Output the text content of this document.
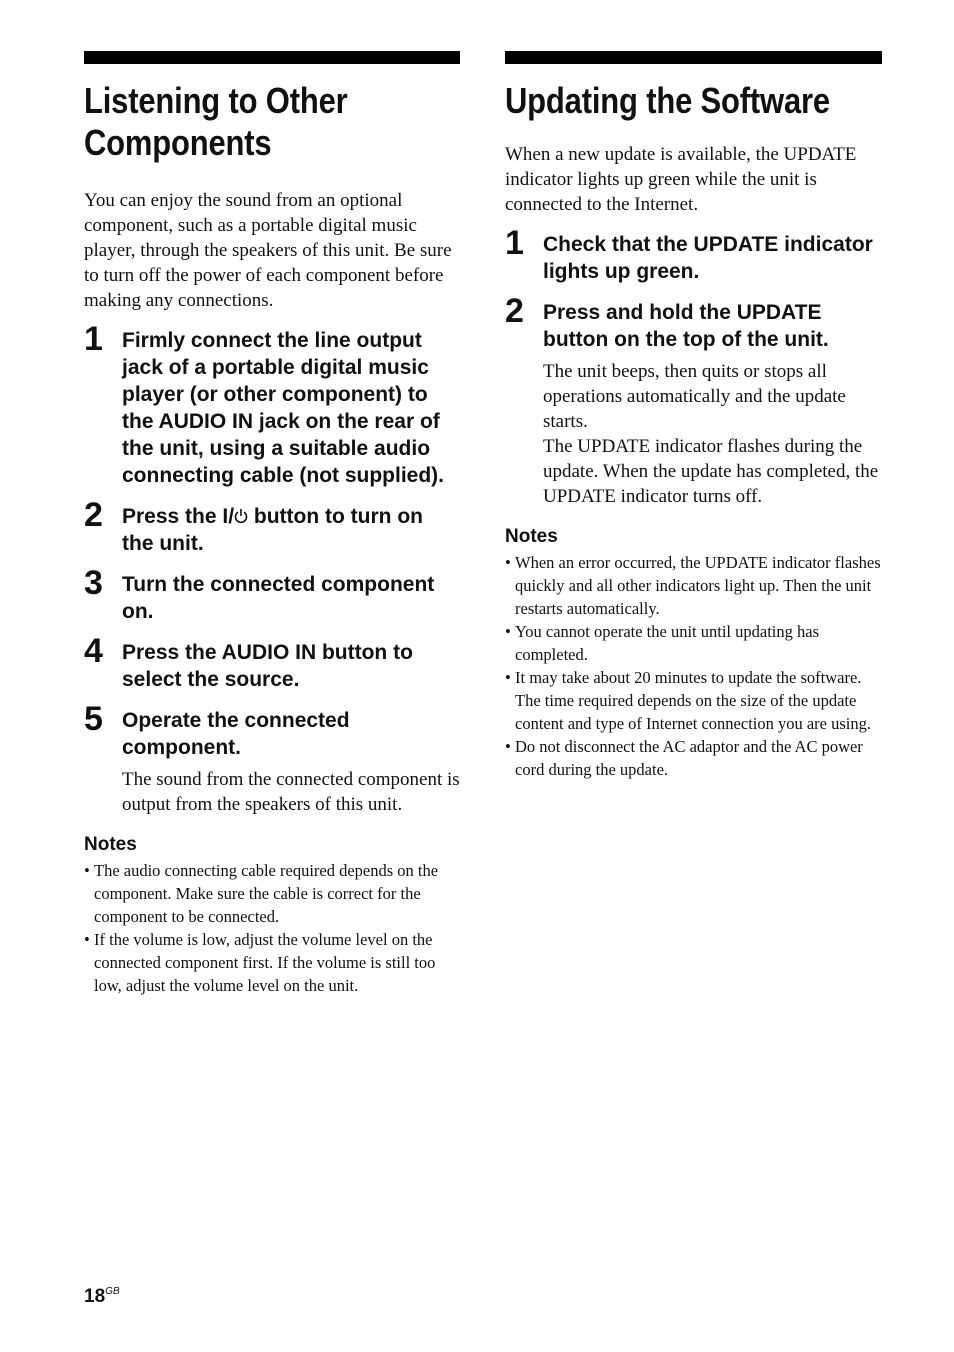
Listening to Other
Components

You can enjoy the sound from an optional component, such as a portable digital music player, through the speakers of this unit. Be sure to turn off the power of each component before making any connections.

1 Firmly connect the line output jack of a portable digital music player (or other component) to the AUDIO IN jack on the rear of the unit, using a suitable audio connecting cable (not supplied).

2 Press the I/ button to turn on the unit.

3 Turn the connected component on.

4 Press the AUDIO IN button to select the source.

5 Operate the connected component.

The sound from the connected component is output from the speakers of this unit.

Notes
• The audio connecting cable required depends on the component. Make sure the cable is correct for the component to be connected.
• If the volume is low, adjust the volume level on the connected component first. If the volume is still too low, adjust the volume level on the unit.
Updating the Software

When a new update is available, the UPDATE indicator lights up green while the unit is connected to the Internet.

1 Check that the UPDATE indicator lights up green.

2 Press and hold the UPDATE button on the top of the unit.

The unit beeps, then quits or stops all operations automatically and the update starts.
The UPDATE indicator flashes during the update. When the update has completed, the UPDATE indicator turns off.

Notes
• When an error occurred, the UPDATE indicator flashes quickly and all other indicators light up. Then the unit restarts automatically.
• You cannot operate the unit until updating has completed.
• It may take about 20 minutes to update the software. The time required depends on the size of the update content and type of Internet connection you are using.
• Do not disconnect the AC adaptor and the AC power cord during the update.
$18^{GB}$
